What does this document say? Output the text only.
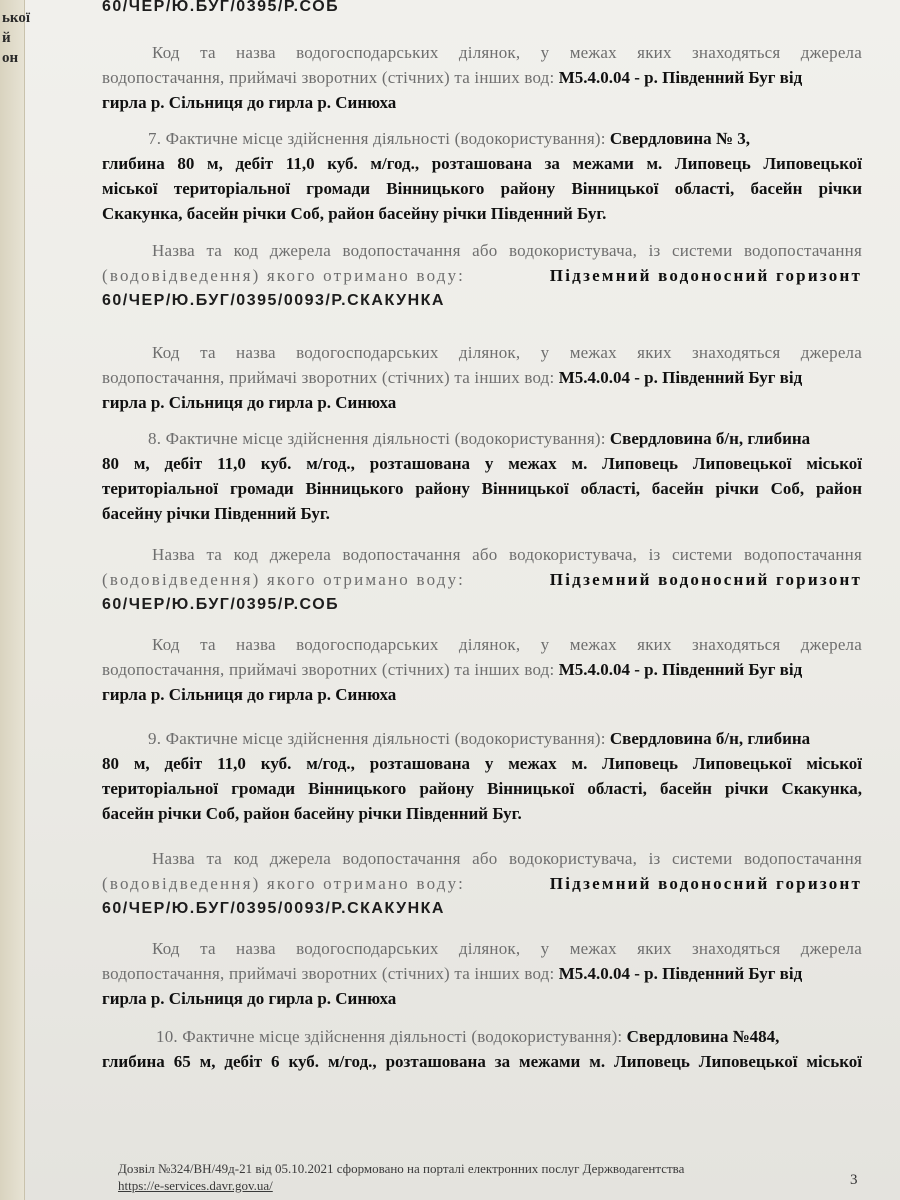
ької
й
он
60/ЧЕР/Ю.БУГ/0395/Р.СОБ
Код та назва водогосподарських ділянок, у межах яких знаходяться джерела
водопостачання, приймачі зворотних (стічних) та інших вод: М5.4.0.04 - р. Південний Буг від
гирла р. Сільниця до гирла р. Синюха
7. Фактичне місце здійснення діяльності (водокористування): Свердловина № 3,
глибина 80 м, дебіт 11,0 куб. м/год., розташована за межами м. Липовець Липовецької
міської територіальної громади Вінницького району Вінницької області, басейн річки
Скакунка, басейн річки Соб, район басейну річки Південний Буг.
Назва та код джерела водопостачання або водокористувача, із системи водопостачання
(водовідведення) якого отримано воду:	Підземний водоносний горизонт
60/ЧЕР/Ю.БУГ/0395/0093/Р.СКАКУНКА
Код та назва водогосподарських ділянок, у межах яких знаходяться джерела
водопостачання, приймачі зворотних (стічних) та інших вод: М5.4.0.04 - р. Південний Буг від
гирла р. Сільниця до гирла р. Синюха
8. Фактичне місце здійснення діяльності (водокористування): Свердловина б/н, глибина
80 м, дебіт 11,0 куб. м/год., розташована у межах м. Липовець Липовецької міської
територіальної громади Вінницького району Вінницької області, басейн річки Соб, район
басейну річки Південний Буг.
Назва та код джерела водопостачання або водокористувача, із системи водопостачання
(водовідведення) якого отримано воду:	Підземний водоносний горизонт
60/ЧЕР/Ю.БУГ/0395/Р.СОБ
Код та назва водогосподарських ділянок, у межах яких знаходяться джерела
водопостачання, приймачі зворотних (стічних) та інших вод: М5.4.0.04 - р. Південний Буг від
гирла р. Сільниця до гирла р. Синюха
9. Фактичне місце здійснення діяльності (водокористування): Свердловина б/н, глибина
80 м, дебіт 11,0 куб. м/год., розташована у межах м. Липовець Липовецької міської
територіальної громади Вінницького району Вінницької області, басейн річки Скакунка,
басейн річки Соб, район басейну річки Південний Буг.
Назва та код джерела водопостачання або водокористувача, із системи водопостачання
(водовідведення) якого отримано воду:	Підземний водоносний горизонт
60/ЧЕР/Ю.БУГ/0395/0093/Р.СКАКУНКА
Код та назва водогосподарських ділянок, у межах яких знаходяться джерела
водопостачання, приймачі зворотних (стічних) та інших вод: М5.4.0.04 - р. Південний Буг від
гирла р. Сільниця до гирла р. Синюха
10. Фактичне місце здійснення діяльності (водокористування): Свердловина №484,
глибина 65 м, дебіт 6 куб. м/год., розташована за межами м. Липовець Липовецької міської
Дозвіл №324/ВН/49д-21 від 05.10.2021 сформовано на порталі електронних послуг Держводагентства
https://e-services.davr.gov.ua/	3
